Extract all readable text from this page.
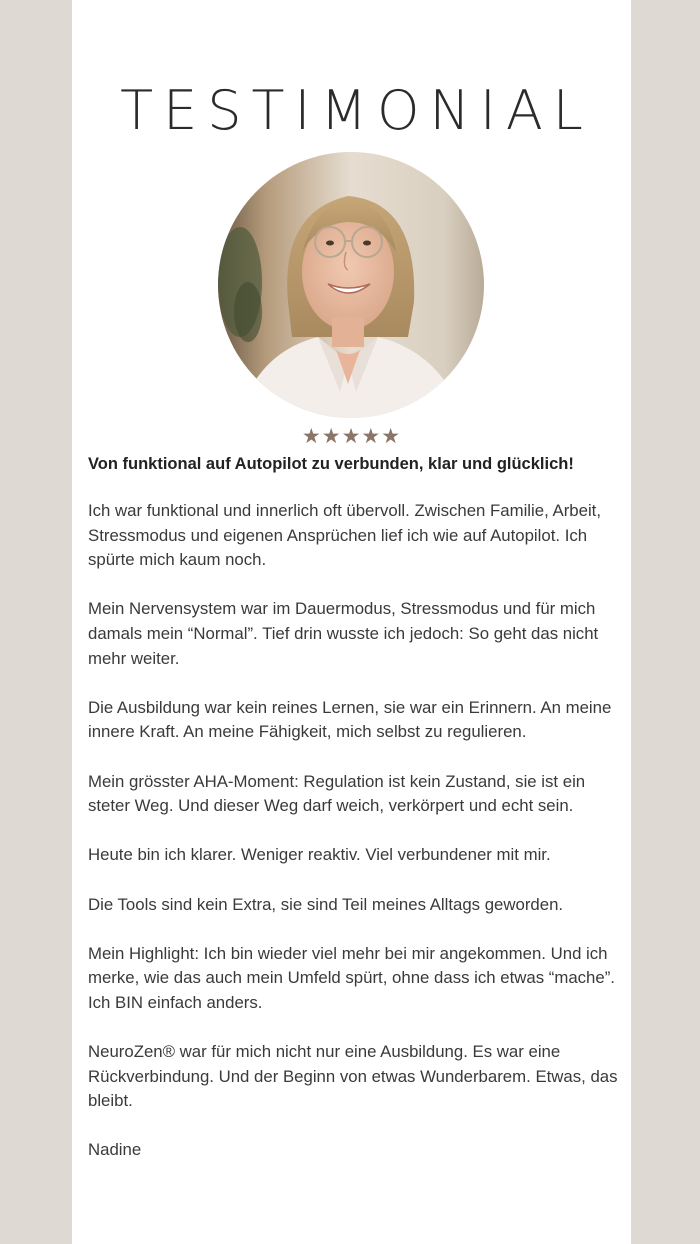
TESTIMONIAL
★★★★★
Von funktional auf Autopilot zu verbunden, klar und glücklich!

Ich war funktional und innerlich oft übervoll. Zwischen Familie, Arbeit, Stressmodus und eigenen Ansprüchen lief ich wie auf Autopilot. Ich spürte mich kaum noch.

Mein Nervensystem war im Dauermodus, Stressmodus und für mich damals mein “Normal”. Tief drin wusste ich jedoch: So geht das nicht mehr weiter.

Die Ausbildung war kein reines Lernen, sie war ein Erinnern. An meine innere Kraft. An meine Fähigkeit, mich selbst zu regulieren.

Mein grösster AHA-Moment: Regulation ist kein Zustand, sie ist ein steter Weg. Und dieser Weg darf weich, verkörpert und echt sein.

Heute bin ich klarer. Weniger reaktiv. Viel verbundener mit mir.

Die Tools sind kein Extra, sie sind Teil meines Alltags geworden.

Mein Highlight: Ich bin wieder viel mehr bei mir angekommen. Und ich merke, wie das auch mein Umfeld spürt, ohne dass ich etwas “mache”. Ich BIN einfach anders.

NeuroZen® war für mich nicht nur eine Ausbildung. Es war eine Rückverbindung. Und der Beginn von etwas Wunderbarem. Etwas, das bleibt.

Nadine
